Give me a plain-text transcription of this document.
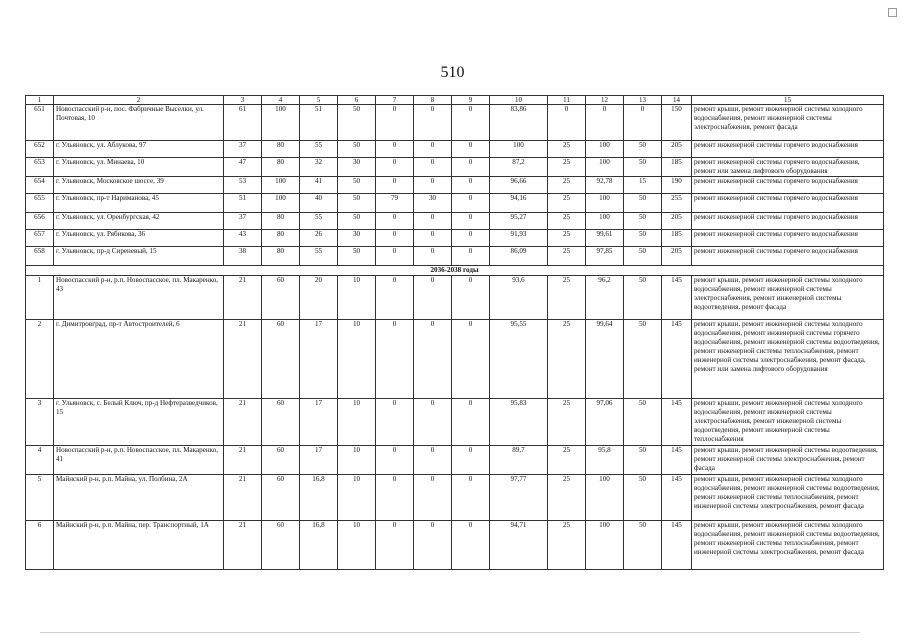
510
1	2	3	4	5	6	7	8	9	10	11	12	13	14	15
651	Новоспасский р-н, пос. Фабричные Выселки, ул. Почтовая, 10	61	100	51	50	0	0	0	83,86	0	0	0	150	ремонт крыши, ремонт инженерной системы холодного водоснабжения, ремонт инженерной системы электроснабжения, ремонт фасада
652	г. Ульяновск, ул. Аблукова, 97	37	80	55	50	0	0	0	100	25	100	50	205	ремонт инженерной системы горячего водоснабжения
653	г. Ульяновск, ул. Минаева, 10	47	80	32	30	0	0	0	87,2	25	100	50	185	ремонт инженерной системы горячего водоснабжения, ремонт или замена лифтового оборудования
654	г. Ульяновск, Московское шоссе, 39	53	100	41	50	0	0	0	96,66	25	92,78	15	190	ремонт инженерной системы горячего водоснабжения
655	г. Ульяновск, пр-т Нариманова, 45	51	100	40	50	79	30	0	94,16	25	100	50	255	ремонт инженерной системы горячего водоснабжения
656	г. Ульяновск, ул. Оренбургская, 42	37	80	55	50	0	0	0	95,27	25	100	50	205	ремонт инженерной системы горячего водоснабжения
657	г. Ульяновск, ул. Рябикова, 36	43	80	26	30	0	0	0	91,93	25	99,61	50	185	ремонт инженерной системы горячего водоснабжения
658	г. Ульяновск, пр-д Сиреневый, 15	38	80	55	50	0	0	0	86,09	25	97,85	50	205	ремонт инженерной системы горячего водоснабжения
2036-2038 годы														
1	Новоспасский р-н, р.п. Новоспасское, пл. Макаренко, 43	21	60	20	10	0	0	0	93,6	25	96,2	50	145	ремонт крыши, ремонт инженерной системы холодного водоснабжения, ремонт инженерной системы электроснабжения, ремонт инженерной системы водоотведения, ремонт фасада
2	г. Димитровград, пр-т Автостроителей, 6	21	60	17	10	0	0	0	95,55	25	99,64	50	145	ремонт крыши, ремонт инженерной системы холодного водоснабжения, ремонт инженерной системы горячего водоснабжения, ремонт инженерной системы водоотведения, ремонт инженерной системы теплоснабжения, ремонт инженерной системы электроснабжения, ремонт фасада, ремонт или замена лифтового оборудования
3	г. Ульяновск, с. Белый Ключ, пр-д Нефтеразведчиков, 15	21	60	17	10	0	0	0	95,83	25	97,06	50	145	ремонт крыши, ремонт инженерной системы холодного водоснабжения, ремонт инженерной системы электроснабжения, ремонт инженерной системы водоотведения, ремонт инженерной системы теплоснабжения
4	Новоспасский р-н, р.п. Новоспасское, пл. Макаренко, 41	21	60	17	10	0	0	0	89,7	25	95,8	50	145	ремонт крыши, ремонт инженерной системы водоотведения, ремонт инженерной системы электроснабжения, ремонт фасада
5	Майнский р-н, р.п. Майна, ул. Полбина, 2А	21	60	16,8	10	0	0	0	97,77	25	100	50	145	ремонт крыши, ремонт инженерной системы холодного водоснабжения, ремонт инженерной системы водоотведения, ремонт инженерной системы теплоснабжения, ремонт инженерной системы электроснабжения, ремонт фасада
6	Майнский р-н, р.п. Майна, пер. Транспортный, 1А	21	60	16,8	10	0	0	0	94,71	25	100	50	145	ремонт крыши, ремонт инженерной системы холодного водоснабжения, ремонт инженерной системы водоотведения, ремонт инженерной системы теплоснабжения, ремонт инженерной системы электроснабжения, ремонт фасада
